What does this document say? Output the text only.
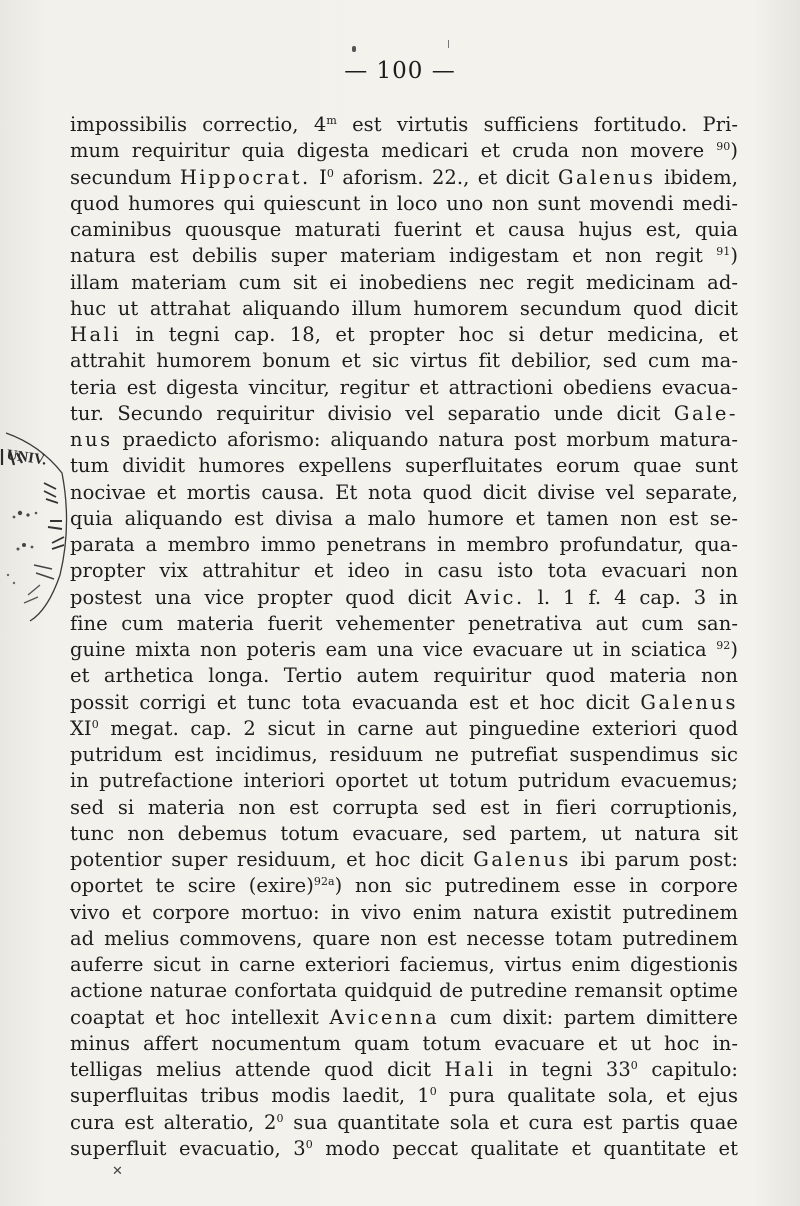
— 100 —
UNIV.
impossibilis correctio, 4$^m$ est virtutis sufficiens fortitudo. Pri-
mum requiritur quia digesta medicari et cruda non movere $^{90}$)
secundum Hippocrat. $I^0$ aforism. 22., et dicit Galenus ibidem,
quod humores qui quiescunt in loco uno non sunt movendi medi-
caminibus quousque maturati fuerint et causa hujus est, quia
natura est debilis super materiam indigestam et non regit $^{91}$)
illam materiam cum sit ei inobediens nec regit medicinam ad-
huc ut attrahat aliquando illum humorem secundum quod dicit
Hali in tegni cap. 18, et propter hoc si detur medicina, et
attrahit humorem bonum et sic virtus fit debilior, sed cum ma-
teria est digesta vincitur, regitur et attractioni obediens evacua-
tur. Secundo requiritur divisio vel separatio unde dicit Gale-
nus praedicto aforismo: aliquando natura post morbum matura-
tum dividit humores expellens superfluitates eorum quae sunt
nocivae et mortis causa. Et nota quod dicit divise vel separate,
quia aliquando est divisa a malo humore et tamen non est se-
parata a membro immo penetrans in membro profundatur, qua-
propter vix attrahitur et ideo in casu isto tota evacuari non
postest una vice propter quod dicit Avic. l. 1 f. 4 cap. 3 in
fine cum materia fuerit vehementer penetrativa aut cum san-
guine mixta non poteris eam una vice evacuare ut in sciatica $^{92}$)
et arthetica longa. Tertio autem requiritur quod materia non
possit corrigi et tunc tota evacuanda est et hoc dicit Galenus
$XI^0$ megat. cap. 2 sicut in carne aut pinguedine exteriori quod
putridum est incidimus, residuum ne putrefiat suspendimus sic
in putrefactione interiori oportet ut totum putridum evacuemus;
sed si materia non est corrupta sed est in fieri corruptionis,
tunc non debemus totum evacuare, sed partem, ut natura sit
potentior super residuum, et hoc dicit Galenus ibi parum post:
oportet te scire (exire)$^{92a}$) non sic putredinem esse in corpore
vivo et corpore mortuo: in vivo enim natura existit putredinem
ad melius commovens, quare non est necesse totam putredinem
auferre sicut in carne exteriori faciemus, virtus enim digestionis
actione naturae confortata quidquid de putredine remansit optime
coaptat et hoc intellexit Avicenna cum dixit: partem dimittere
minus affert nocumentum quam totum evacuare et ut hoc in-
telligas melius attende quod dicit Hali in tegni $33^0$ capitulo:
superfluitas tribus modis laedit, $1^0$ pura qualitate sola, et ejus
cura est alteratio, $2^0$ sua quantitate sola et cura est partis quae
superfluit evacuatio, $3^0$ modo peccat qualitate et quantitate et
✕
